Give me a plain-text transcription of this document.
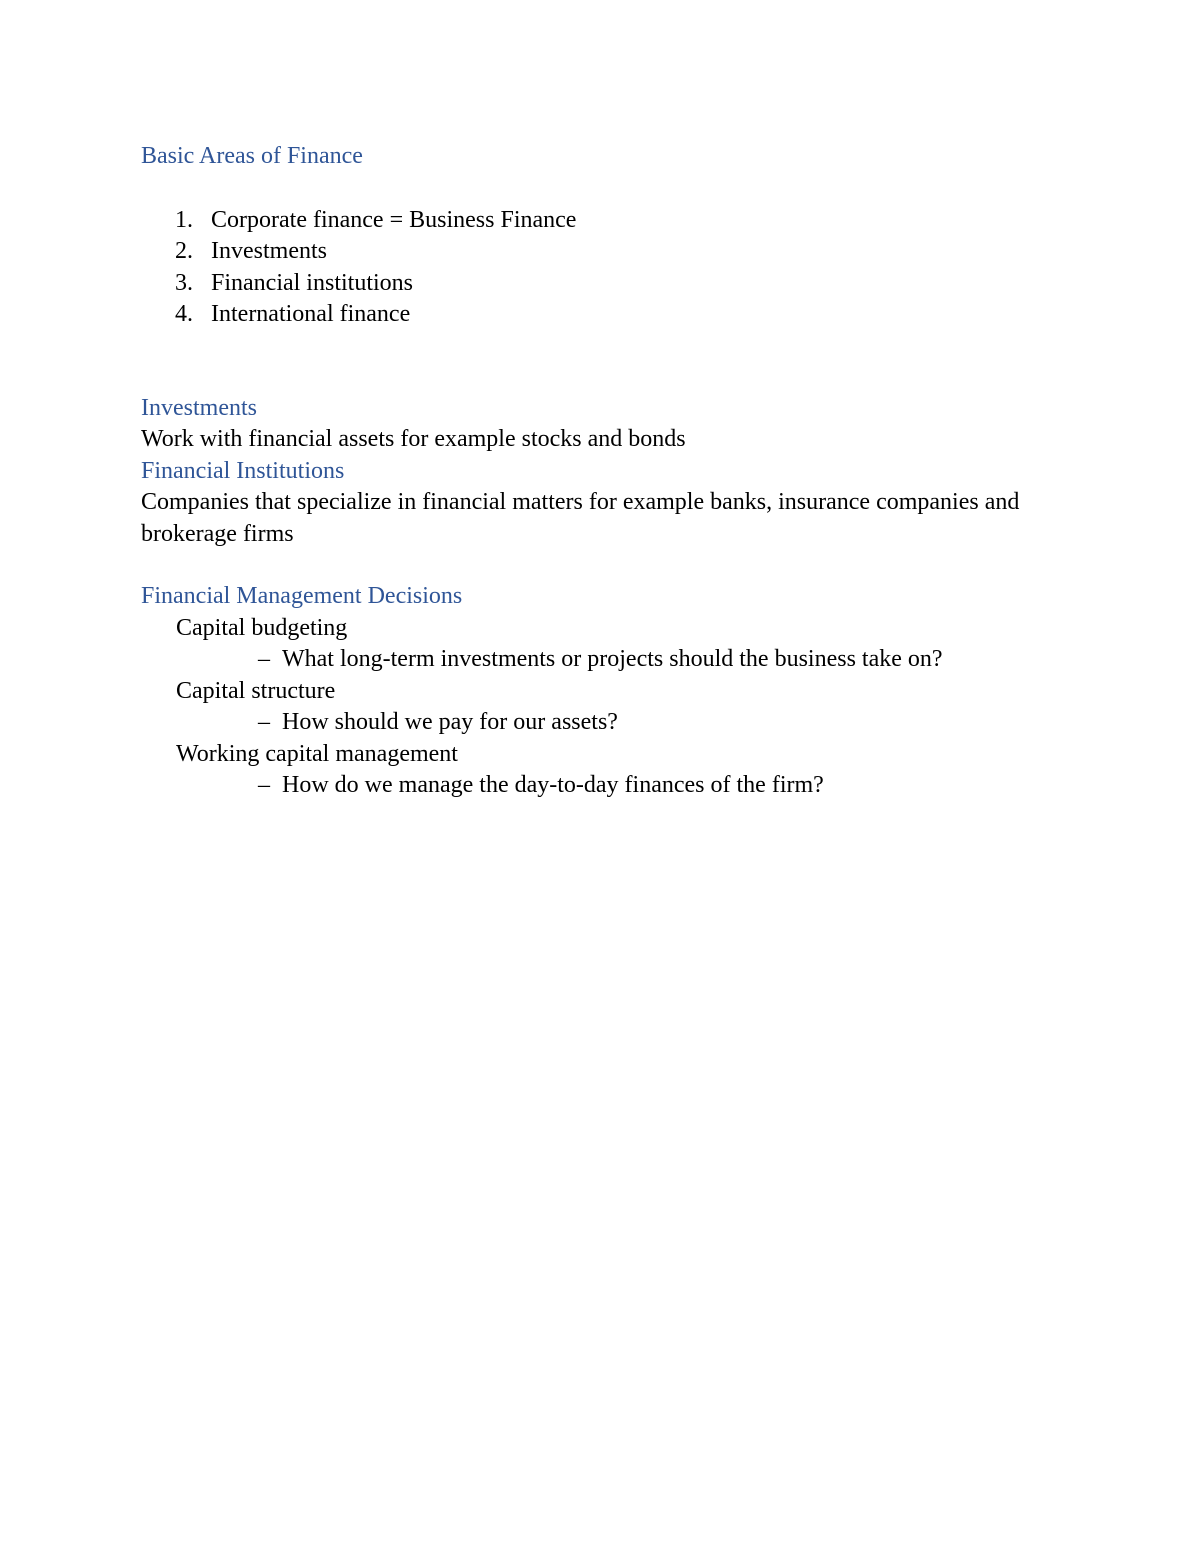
Basic Areas of Finance
1. Corporate finance = Business Finance
2. Investments
3. Financial institutions
4. International finance
Investments

Work with financial assets for example stocks and bonds

Financial Institutions

Companies that specialize in financial matters for example banks, insurance companies and brokerage firms

Financial Management Decisions
Capital budgeting
– What long-term investments or projects should the business take on?
Capital structure
– How should we pay for our assets?
Working capital management
– How do we manage the day-to-day finances of the firm?
